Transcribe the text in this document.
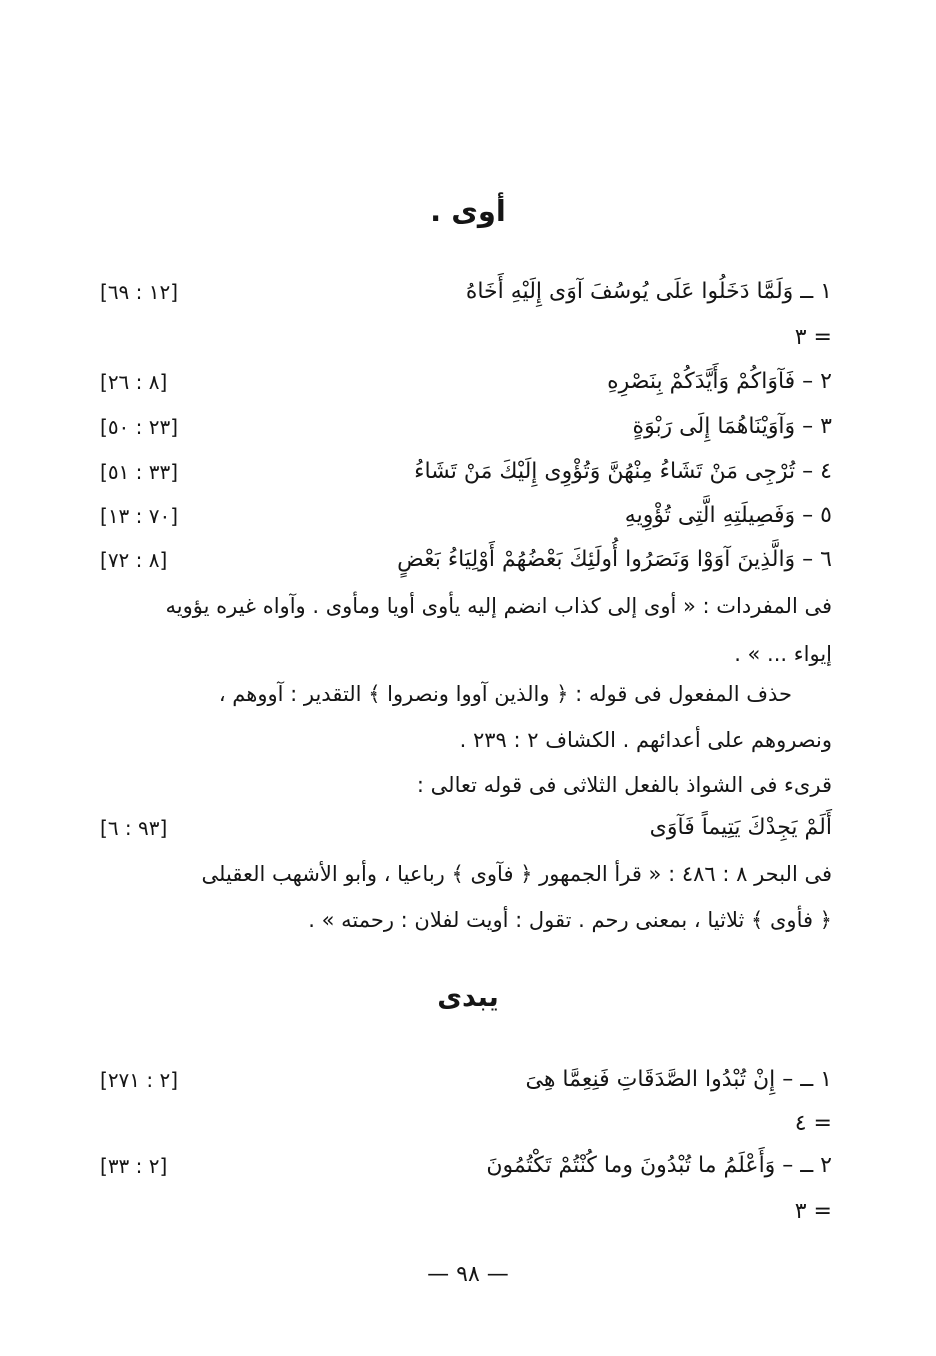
أوى .
١ ــ وَلَمَّا دَخَلُوا عَلَى يُوسُفَ آوَى إِلَيْهِ أَخَاهُ
[١٢ : ٦٩]
= ٣
٢ – فَآوَاكُمْ وَأَيَّدَكُمْ بِنَصْرِهِ
[٨ : ٢٦]
٣ – وَآوَيْنَاهُمَا إِلَى رَبْوَةٍ
[٢٣ : ٥٠]
٤ – تُرْجِى مَنْ تَشَاءُ مِنْهُنَّ وَتُؤْوِى إِلَيْكَ مَنْ تَشَاءُ
[٣٣ : ٥١]
٥ – وَفَصِيلَتِهِ الَّتِى تُؤْوِيهِ
[٧٠ : ١٣]
٦ – وَالَّذِينَ آوَوْا وَنَصَرُوا أُولَئِكَ بَعْضُهُمْ أَوْلِيَاءُ بَعْضٍ
[٨ : ٧٢]
فى المفردات : « أوى إلى كذاب انضم إليه يأوى أويا ومأوى . وآواه غيره يؤويه
إيواء ... » .
حذف المفعول فى قوله : ﴿ والذين آووا ونصروا ﴾ التقدير : آووهم ،
ونصروهم على أعدائهم . الكشاف ٢ : ٢٣٩ .
قرىء فى الشواذ بالفعل الثلاثى فى قوله تعالى :
أَلَمْ يَجِدْكَ يَتِيماً فَآوَى
[٩٣ : ٦]
فى البحر ٨ : ٤٨٦ : « قرأ الجمهور ﴿ فآوى ﴾ رباعيا ، وأبو الأشهب العقيلى
﴿ فأوى ﴾ ثلاثيا ، بمعنى رحم . تقول : أويت لفلان : رحمته » .
يبدى
١ ــ – إِنْ تُبْدُوا الصَّدَقَاتِ فَنِعِمَّا هِىَ
[٢ : ٢٧١]
= ٤
٢ ــ – وَأَعْلَمُ ما تُبْدُونَ وما كُنْتُمْ تَكْتُمُونَ
[٢ : ٣٣]
= ٣
— ٩٨ —
